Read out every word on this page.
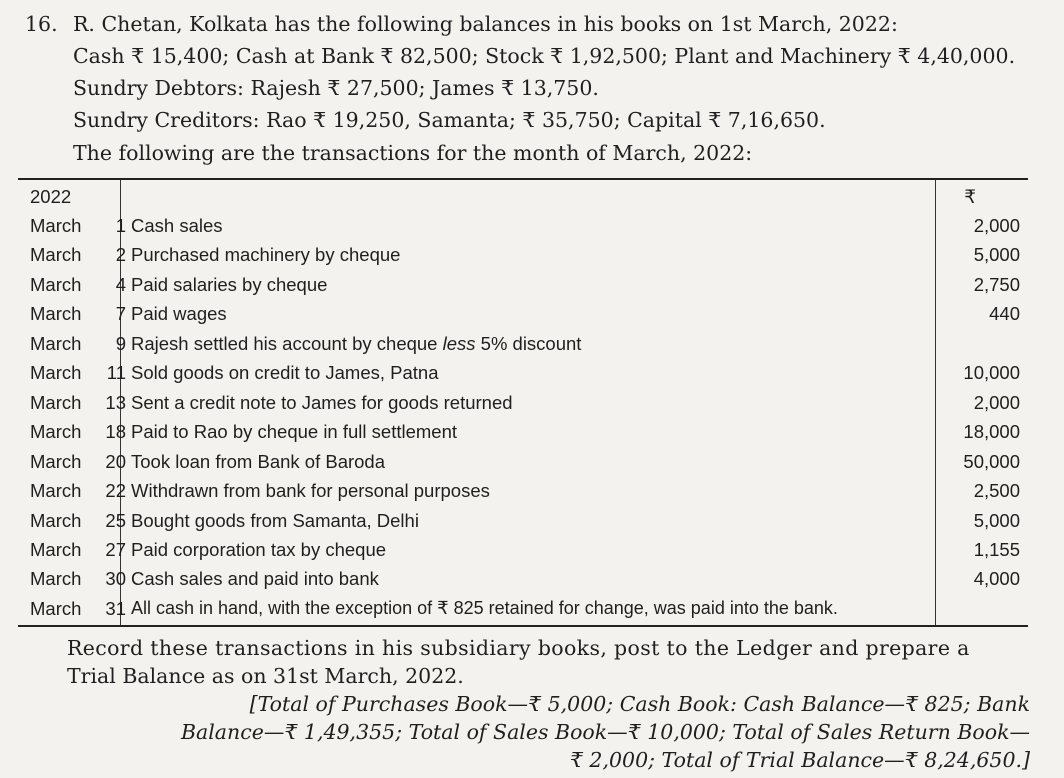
16. R. Chetan, Kolkata has the following balances in his books on 1st March, 2022:
Cash ₹ 15,400; Cash at Bank ₹ 82,500; Stock ₹ 1,92,500; Plant and Machinery ₹ 4,40,000.
Sundry Debtors: Rajesh ₹ 27,500; James ₹ 13,750.
Sundry Creditors: Rao ₹ 19,250, Samanta; ₹ 35,750; Capital ₹ 7,16,650.
The following are the transactions for the month of March, 2022:
2022	₹
March	1 Cash sales	2,000
March	2 Purchased machinery by cheque	5,000
March	4 Paid salaries by cheque	2,750
March	7 Paid wages	440
March	9 Rajesh settled his account by cheque less 5% discount
March	11 Sold goods on credit to James, Patna	10,000
March	13 Sent a credit note to James for goods returned	2,000
March	18 Paid to Rao by cheque in full settlement	18,000
March	20 Took loan from Bank of Baroda	50,000
March	22 Withdrawn from bank for personal purposes	2,500
March	25 Bought goods from Samanta, Delhi	5,000
March	27 Paid corporation tax by cheque	1,155
March	30 Cash sales and paid into bank	4,000
March	31 All cash in hand, with the exception of ₹ 825 retained for change, was paid into the bank.
Record these transactions in his subsidiary books, post to the Ledger and prepare a
Trial Balance as on 31st March, 2022.
[Total of Purchases Book—₹ 5,000; Cash Book: Cash Balance—₹ 825; Bank
Balance—₹ 1,49,355; Total of Sales Book—₹ 10,000; Total of Sales Return Book—
₹ 2,000; Total of Trial Balance—₹ 8,24,650.]
